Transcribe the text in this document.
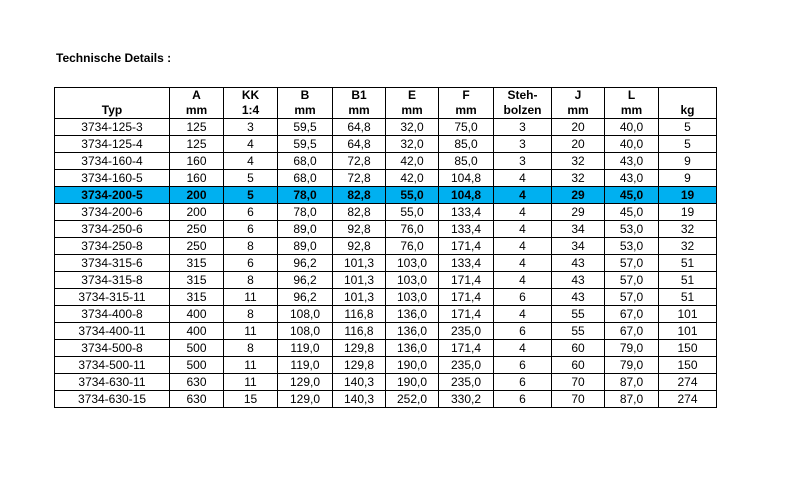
Technische Details :
	A	KK	B	B1	E	F	Steh-	J	L	
Typ	mm	1:4	mm	mm	mm	mm	bolzen	mm	mm	kg
3734-125-3	125	3	59,5	64,8	32,0	75,0	3	20	40,0	5
3734-125-4	125	4	59,5	64,8	32,0	85,0	3	20	40,0	5
3734-160-4	160	4	68,0	72,8	42,0	85,0	3	32	43,0	9
3734-160-5	160	5	68,0	72,8	42,0	104,8	4	32	43,0	9
3734-200-5	200	5	78,0	82,8	55,0	104,8	4	29	45,0	19
3734-200-6	200	6	78,0	82,8	55,0	133,4	4	29	45,0	19
3734-250-6	250	6	89,0	92,8	76,0	133,4	4	34	53,0	32
3734-250-8	250	8	89,0	92,8	76,0	171,4	4	34	53,0	32
3734-315-6	315	6	96,2	101,3	103,0	133,4	4	43	57,0	51
3734-315-8	315	8	96,2	101,3	103,0	171,4	4	43	57,0	51
3734-315-11	315	11	96,2	101,3	103,0	171,4	6	43	57,0	51
3734-400-8	400	8	108,0	116,8	136,0	171,4	4	55	67,0	101
3734-400-11	400	11	108,0	116,8	136,0	235,0	6	55	67,0	101
3734-500-8	500	8	119,0	129,8	136,0	171,4	4	60	79,0	150
3734-500-11	500	11	119,0	129,8	190,0	235,0	6	60	79,0	150
3734-630-11	630	11	129,0	140,3	190,0	235,0	6	70	87,0	274
3734-630-15	630	15	129,0	140,3	252,0	330,2	6	70	87,0	274
